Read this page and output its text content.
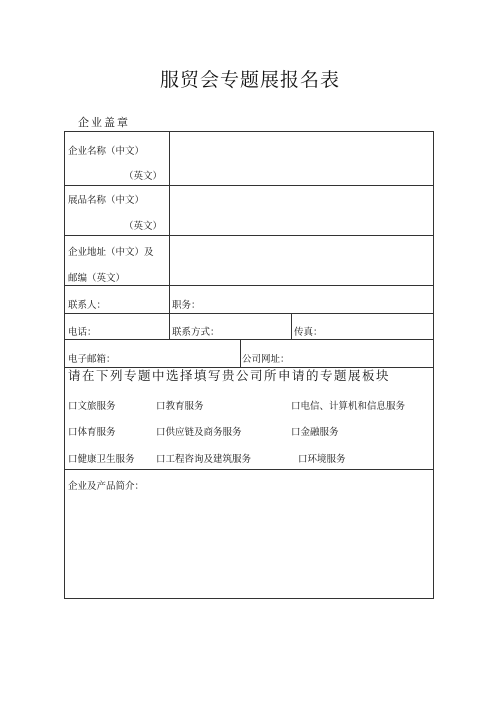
服贸会专题展报名表
企业盖章
企业名称（中文）
（英文）
展品名称（中文）
（英文）
企业地址（中文）及
邮编（英文）
联系人：	职务：
电话：	联系方式：	传真：
电子邮箱：	公司网址：
请在下列专题中选择填写贵公司所申请的专题展板块
口文旅服务	口教育服务	口电信、计算机和信息服务
口体育服务	口供应链及商务服务	口金融服务
口健康卫生服务 口工程咨询及建筑服务	口环境服务
企业及产品简介：
